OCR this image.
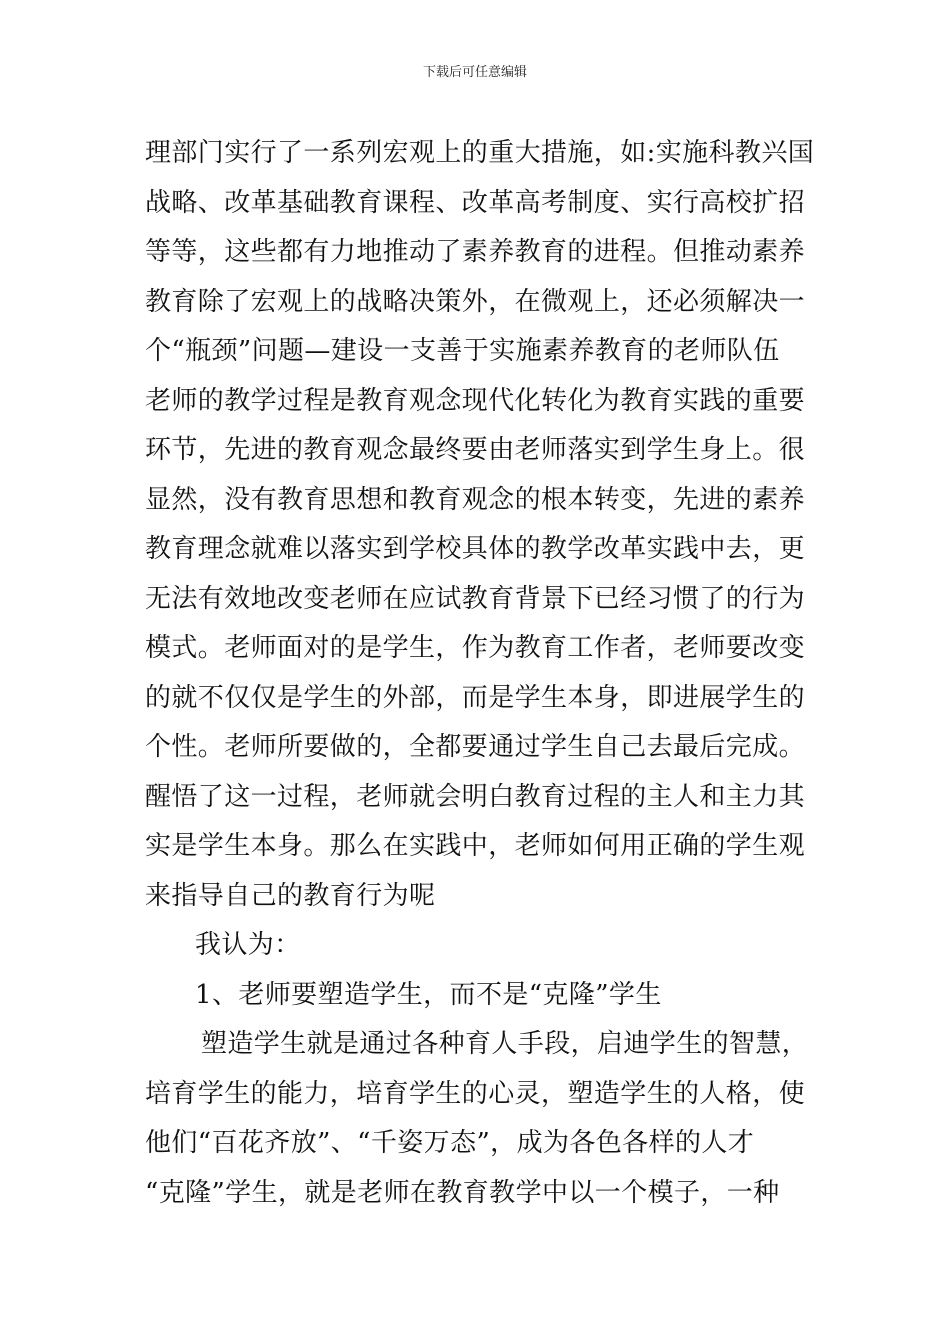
下载后可任意编辑
理部门实行了一系列宏观上的重大措施，如:实施科教兴国
战略、改革基础教育课程、改革高考制度、实行高校扩招
等等，这些都有力地推动了素养教育的进程。但推动素养
教育除了宏观上的战略决策外，在微观上，还必须解决一
个“瓶颈”问题—建设一支善于实施素养教育的老师队伍
老师的教学过程是教育观念现代化转化为教育实践的重要
环节，先进的教育观念最终要由老师落实到学生身上。很
显然，没有教育思想和教育观念的根本转变，先进的素养
教育理念就难以落实到学校具体的教学改革实践中去，更
无法有效地改变老师在应试教育背景下已经习惯了的行为
模式。老师面对的是学生，作为教育工作者，老师要改变
的就不仅仅是学生的外部，而是学生本身，即进展学生的
个性。老师所要做的，全都要通过学生自己去最后完成。
醒悟了这一过程，老师就会明白教育过程的主人和主力其
实是学生本身。那么在实践中，老师如何用正确的学生观
来指导自己的教育行为呢
我认为：
1、老师要塑造学生，而不是“克隆”学生
塑造学生就是通过各种育人手段，启迪学生的智慧，
培育学生的能力，培育学生的心灵，塑造学生的人格，使
他们“百花齐放”、“千姿万态”，成为各色各样的人才
“克隆”学生，就是老师在教育教学中以一个模子，一种
